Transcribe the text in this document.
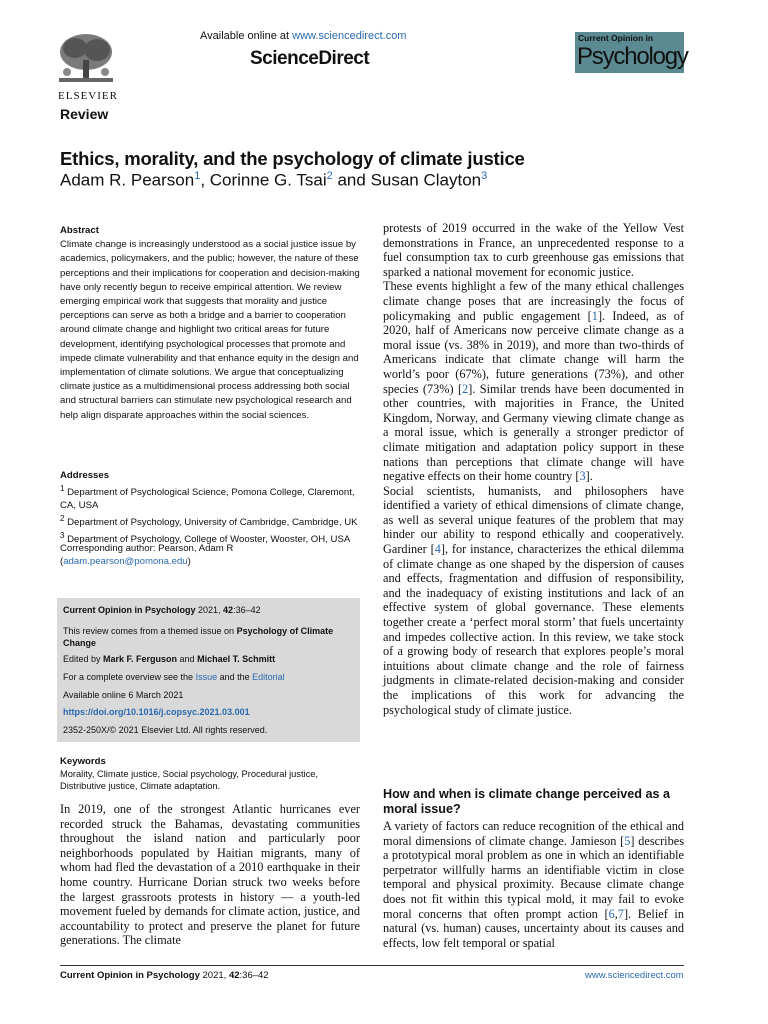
ELSEVIER
Available online at www.sciencedirect.com
ScienceDirect
Current Opinion in
Psychology
Review
Ethics, morality, and the psychology of climate justice
Adam R. Pearson$^1$, Corinne G. Tsai$^2$ and Susan Clayton$^3$
Abstract

Climate change is increasingly understood as a social justice issue by academics, policymakers, and the public; however, the nature of these perceptions and their implications for cooperation and decision-making have only recently begun to receive empirical attention. We review emerging empirical work that suggests that morality and justice perceptions can serve as both a bridge and a barrier to cooperation around climate change and highlight two critical areas for future development, identifying psychological processes that promote and impede climate vulnerability and that enhance equity in the design and implementation of climate solutions. We argue that conceptualizing climate justice as a multidimensional process addressing both social and structural barriers can stimulate new psychological research and help align disparate approaches within the social sciences.

Addresses

$^1$ Department of Psychological Science, Pomona College, Claremont, CA, USA

$^2$ Department of Psychology, University of Cambridge, Cambridge, UK

$^3$ Department of Psychology, College of Wooster, Wooster, OH, USA

Corresponding author: Pearson, Adam R (adam.pearson@pomona.edu)
Current Opinion in Psychology 2021, 42:36–42
This review comes from a themed issue on Psychology of Climate Change
Edited by Mark F. Ferguson and Michael T. Schmitt
For a complete overview see the Issue and the Editorial
Available online 6 March 2021
https://doi.org/10.1016/j.copsyc.2021.03.001
2352-250X/© 2021 Elsevier Ltd. All rights reserved.
Keywords

Morality, Climate justice, Social psychology, Procedural justice, Distributive justice, Climate adaptation.

In 2019, one of the strongest Atlantic hurricanes ever recorded struck the Bahamas, devastating communities throughout the island nation and particularly poor neighborhoods populated by Haitian migrants, many of whom had fled the devastation of a 2010 earthquake in their home country. Hurricane Dorian struck two weeks before the largest grassroots protests in history — a youth-led movement fueled by demands for climate action, justice, and accountability to protect and preserve the planet for future generations. The climate

protests of 2019 occurred in the wake of the Yellow Vest demonstrations in France, an unprecedented response to a fuel consumption tax to curb greenhouse gas emissions that sparked a national movement for economic justice.

These events highlight a few of the many ethical challenges climate change poses that are increasingly the focus of policymaking and public engagement [1]. Indeed, as of 2020, half of Americans now perceive climate change as a moral issue (vs. 38% in 2019), and more than two-thirds of Americans indicate that climate change will harm the world’s poor (67%), future generations (73%), and other species (73%) [2]. Similar trends have been documented in other countries, with majorities in France, the United Kingdom, Norway, and Germany viewing climate change as a moral issue, which is generally a stronger predictor of climate mitigation and adaptation policy support in these nations than perceptions that climate change will have negative effects on their home country [3].

Social scientists, humanists, and philosophers have identified a variety of ethical dimensions of climate change, as well as several unique features of the problem that may hinder our ability to respond ethically and cooperatively. Gardiner [4], for instance, characterizes the ethical dilemma of climate change as one shaped by the dispersion of causes and effects, fragmentation and diffusion of responsibility, and the inadequacy of existing institutions and lack of an effective system of global governance. These elements together create a ‘perfect moral storm’ that fuels uncertainty and impedes collective action. In this review, we take stock of a growing body of research that explores people’s moral intuitions about climate change and the role of fairness judgments in climate-related decision-making and consider the implications of this work for advancing the psychological study of climate justice.

How and when is climate change perceived as a moral issue?

A variety of factors can reduce recognition of the ethical and moral dimensions of climate change. Jamieson [5] describes a prototypical moral problem as one in which an identifiable perpetrator willfully harms an identifiable victim in close temporal and physical proximity. Because climate change does not fit within this typical mold, it may fail to evoke moral concerns that often prompt action [6,7]. Belief in natural (vs. human) causes, uncertainty about its causes and effects, low felt temporal or spatial

Current Opinion in Psychology 2021, 42:36–42	www.sciencedirect.com
